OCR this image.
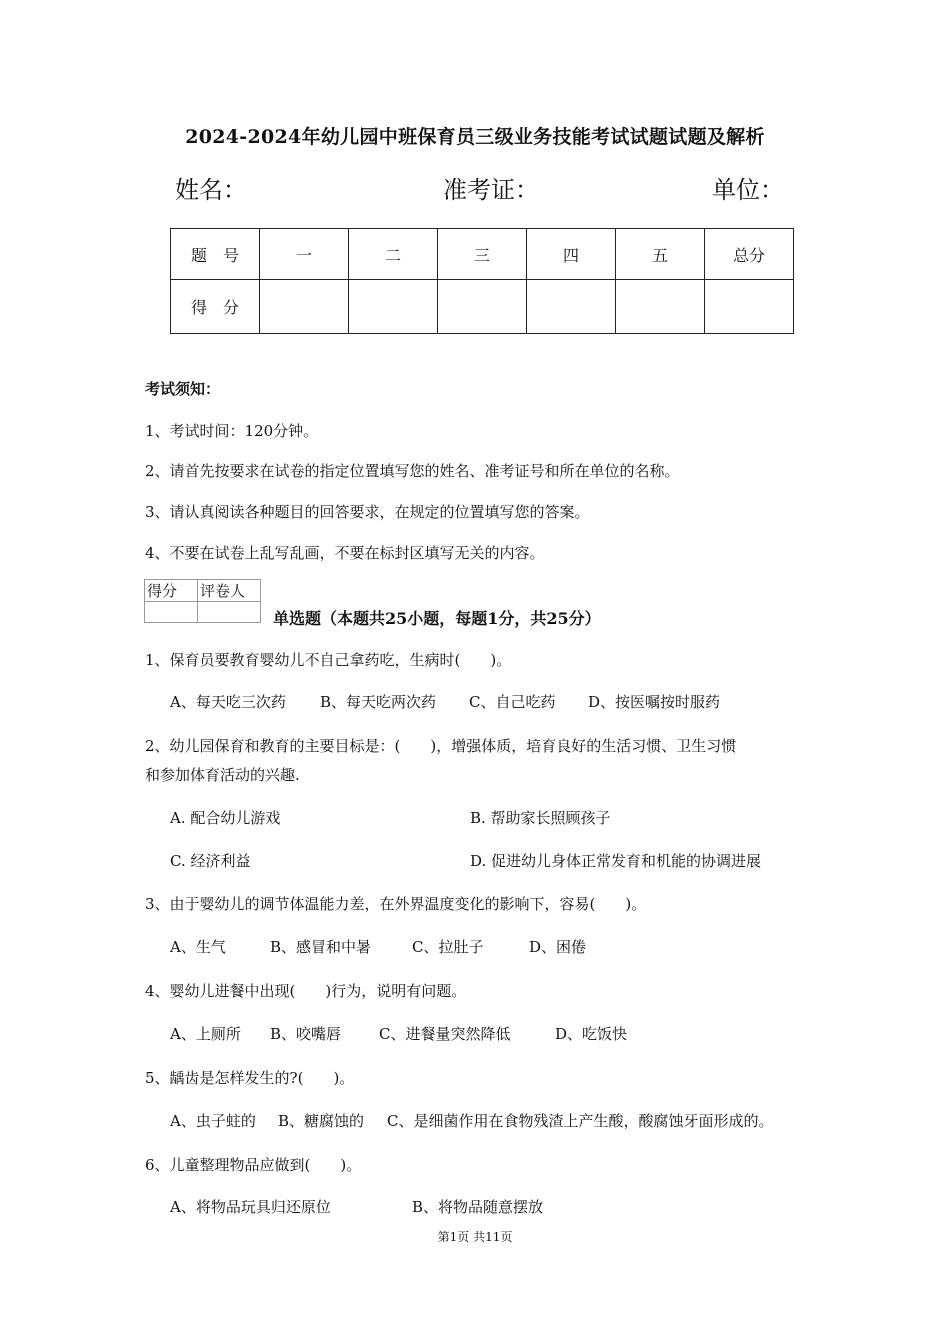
2024-2024年幼儿园中班保育员三级业务技能考试试题试题及解析
姓名：	准考证：	单位：
题　号	一	二	三	四	五	总分
得　分						
考试须知：
1、考试时间：120分钟。
2、请首先按要求在试卷的指定位置填写您的姓名、准考证号和所在单位的名称。
3、请认真阅读各种题目的回答要求，在规定的位置填写您的答案。
4、不要在试卷上乱写乱画，不要在标封区填写无关的内容。
得分	评卷人

单选题（本题共25小题，每题1分，共25分）
1、保育员要教育婴幼儿不自己拿药吃，生病时(　　)。
A、每天吃三次药 B、每天吃两次药 C、自己吃药 D、按医嘱按时服药
2、幼儿园保育和教育的主要目标是：(　　)，增强体质，培育良好的生活习惯、卫生习惯
和参加体育活动的兴趣.
A. 配合幼儿游戏	B. 帮助家长照顾孩子
C. 经济利益	D. 促进幼儿身体正常发育和机能的协调进展
3、由于婴幼儿的调节体温能力差，在外界温度变化的影响下，容易(　　)。
A、生气	B、感冒和中暑	C、拉肚子	D、困倦
4、婴幼儿进餐中出现(　　)行为，说明有问题。
A、上厕所 B、咬嘴唇	C、进餐量突然降低	D、吃饭快
5、龋齿是怎样发生的?(　　)。
A、虫子蛀的 B、糖腐蚀的 C、是细菌作用在食物残渣上产生酸，酸腐蚀牙面形成的。
6、儿童整理物品应做到(　　)。
A、将物品玩具归还原位	B、将物品随意摆放
第1页 共11页
